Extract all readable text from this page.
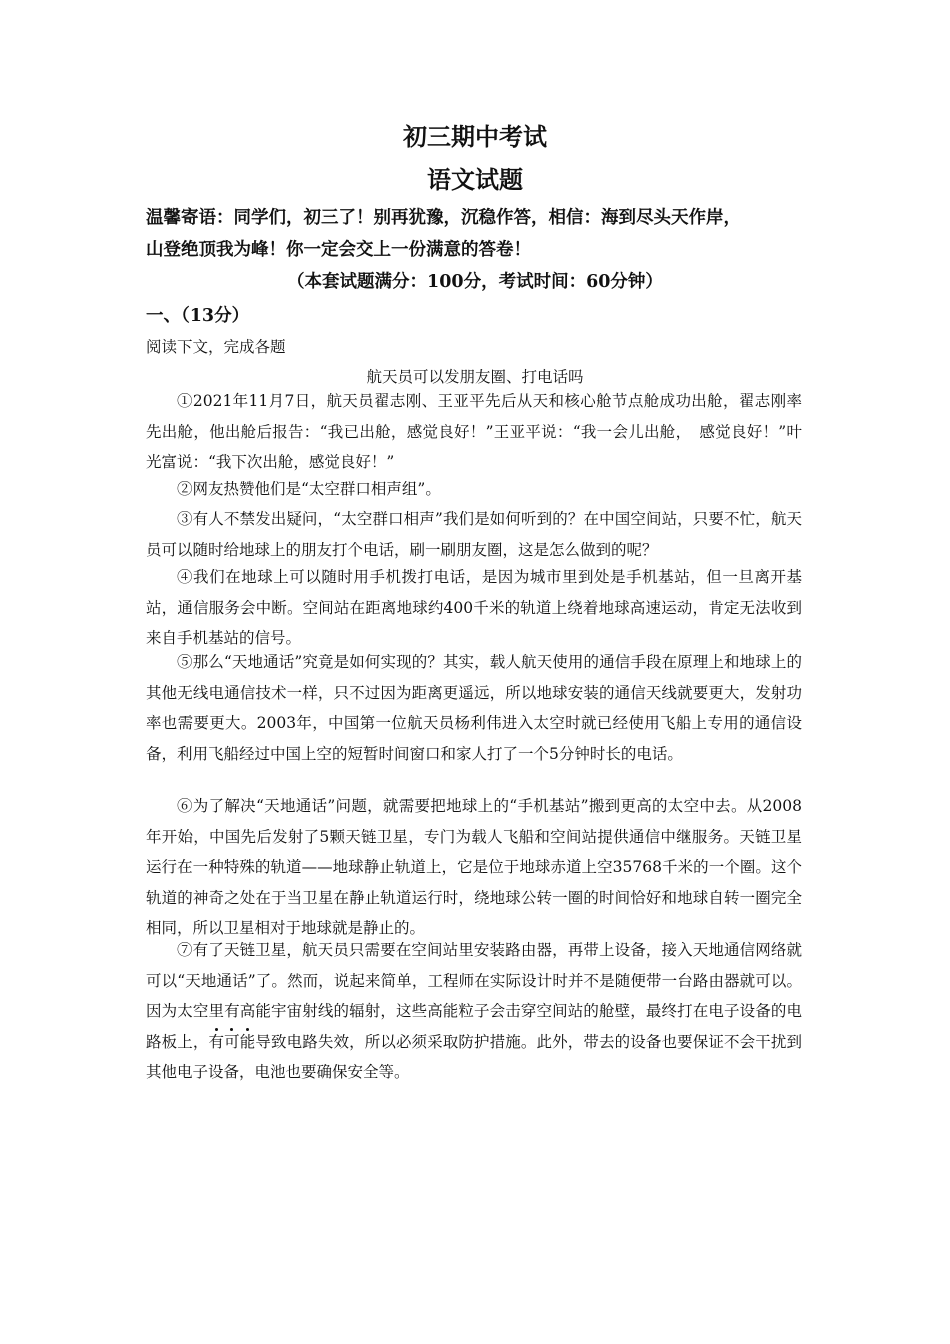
初三期中考试
语文试题
温馨寄语：同学们，初三了！别再犹豫，沉稳作答，相信：海到尽头天作岸，
山登绝顶我为峰！你一定会交上一份满意的答卷！
（本套试题满分：100分，考试时间：60分钟）
一、（13分）
阅读下文，完成各题
航天员可以发朋友圈、打电话吗
①2021年11月7日，航天员翟志刚、王亚平先后从天和核心舱节点舱成功出舱，翟志刚率先出舱，他出舱后报告：“我已出舱，感觉良好！”王亚平说：“我一会儿出舱，　感觉良好！”叶光富说：“我下次出舱，感觉良好！”
②网友热赞他们是“太空群口相声组”。
③有人不禁发出疑问，“太空群口相声”我们是如何听到的？在中国空间站，只要不忙，航天员可以随时给地球上的朋友打个电话，刷一刷朋友圈，这是怎么做到的呢？
④我们在地球上可以随时用手机拨打电话，是因为城市里到处是手机基站，但一旦离开基站，通信服务会中断。空间站在距离地球约400千米的轨道上绕着地球高速运动，肯定无法收到来自手机基站的信号。
⑤那么“天地通话”究竟是如何实现的？其实，载人航天使用的通信手段在原理上和地球上的其他无线电通信技术一样，只不过因为距离更遥远，所以地球安装的通信天线就要更大，发射功率也需要更大。2003年，中国第一位航天员杨利伟进入太空时就已经使用飞船上专用的通信设备，利用飞船经过中国上空的短暂时间窗口和家人打了一个5分钟时长的电话。
⑥为了解决“天地通话”问题，就需要把地球上的“手机基站”搬到更高的太空中去。从2008年开始，中国先后发射了5颗天链卫星，专门为载人飞船和空间站提供通信中继服务。天链卫星运行在一种特殊的轨道——地球静止轨道上，它是位于地球赤道上空35768千米的一个圈。这个轨道的神奇之处在于当卫星在静止轨道运行时，绕地球公转一圈的时间恰好和地球自转一圈完全相同，所以卫星相对于地球就是静止的。
⑦有了天链卫星，航天员只需要在空间站里安装路由器，再带上设备，接入天地通信网络就可以“天地通话”了。然而，说起来简单，工程师在实际设计时并不是随便带一台路由器就可以。因为太空里有高能宇宙射线的辐射，这些高能粒子会击穿空间站的舱壁，最终打在电子设备的电路板上，有可能导致电路失效，所以必须采取防护措施。此外，带去的设备也要保证不会干扰到其他电子设备，电池也要确保安全等。
